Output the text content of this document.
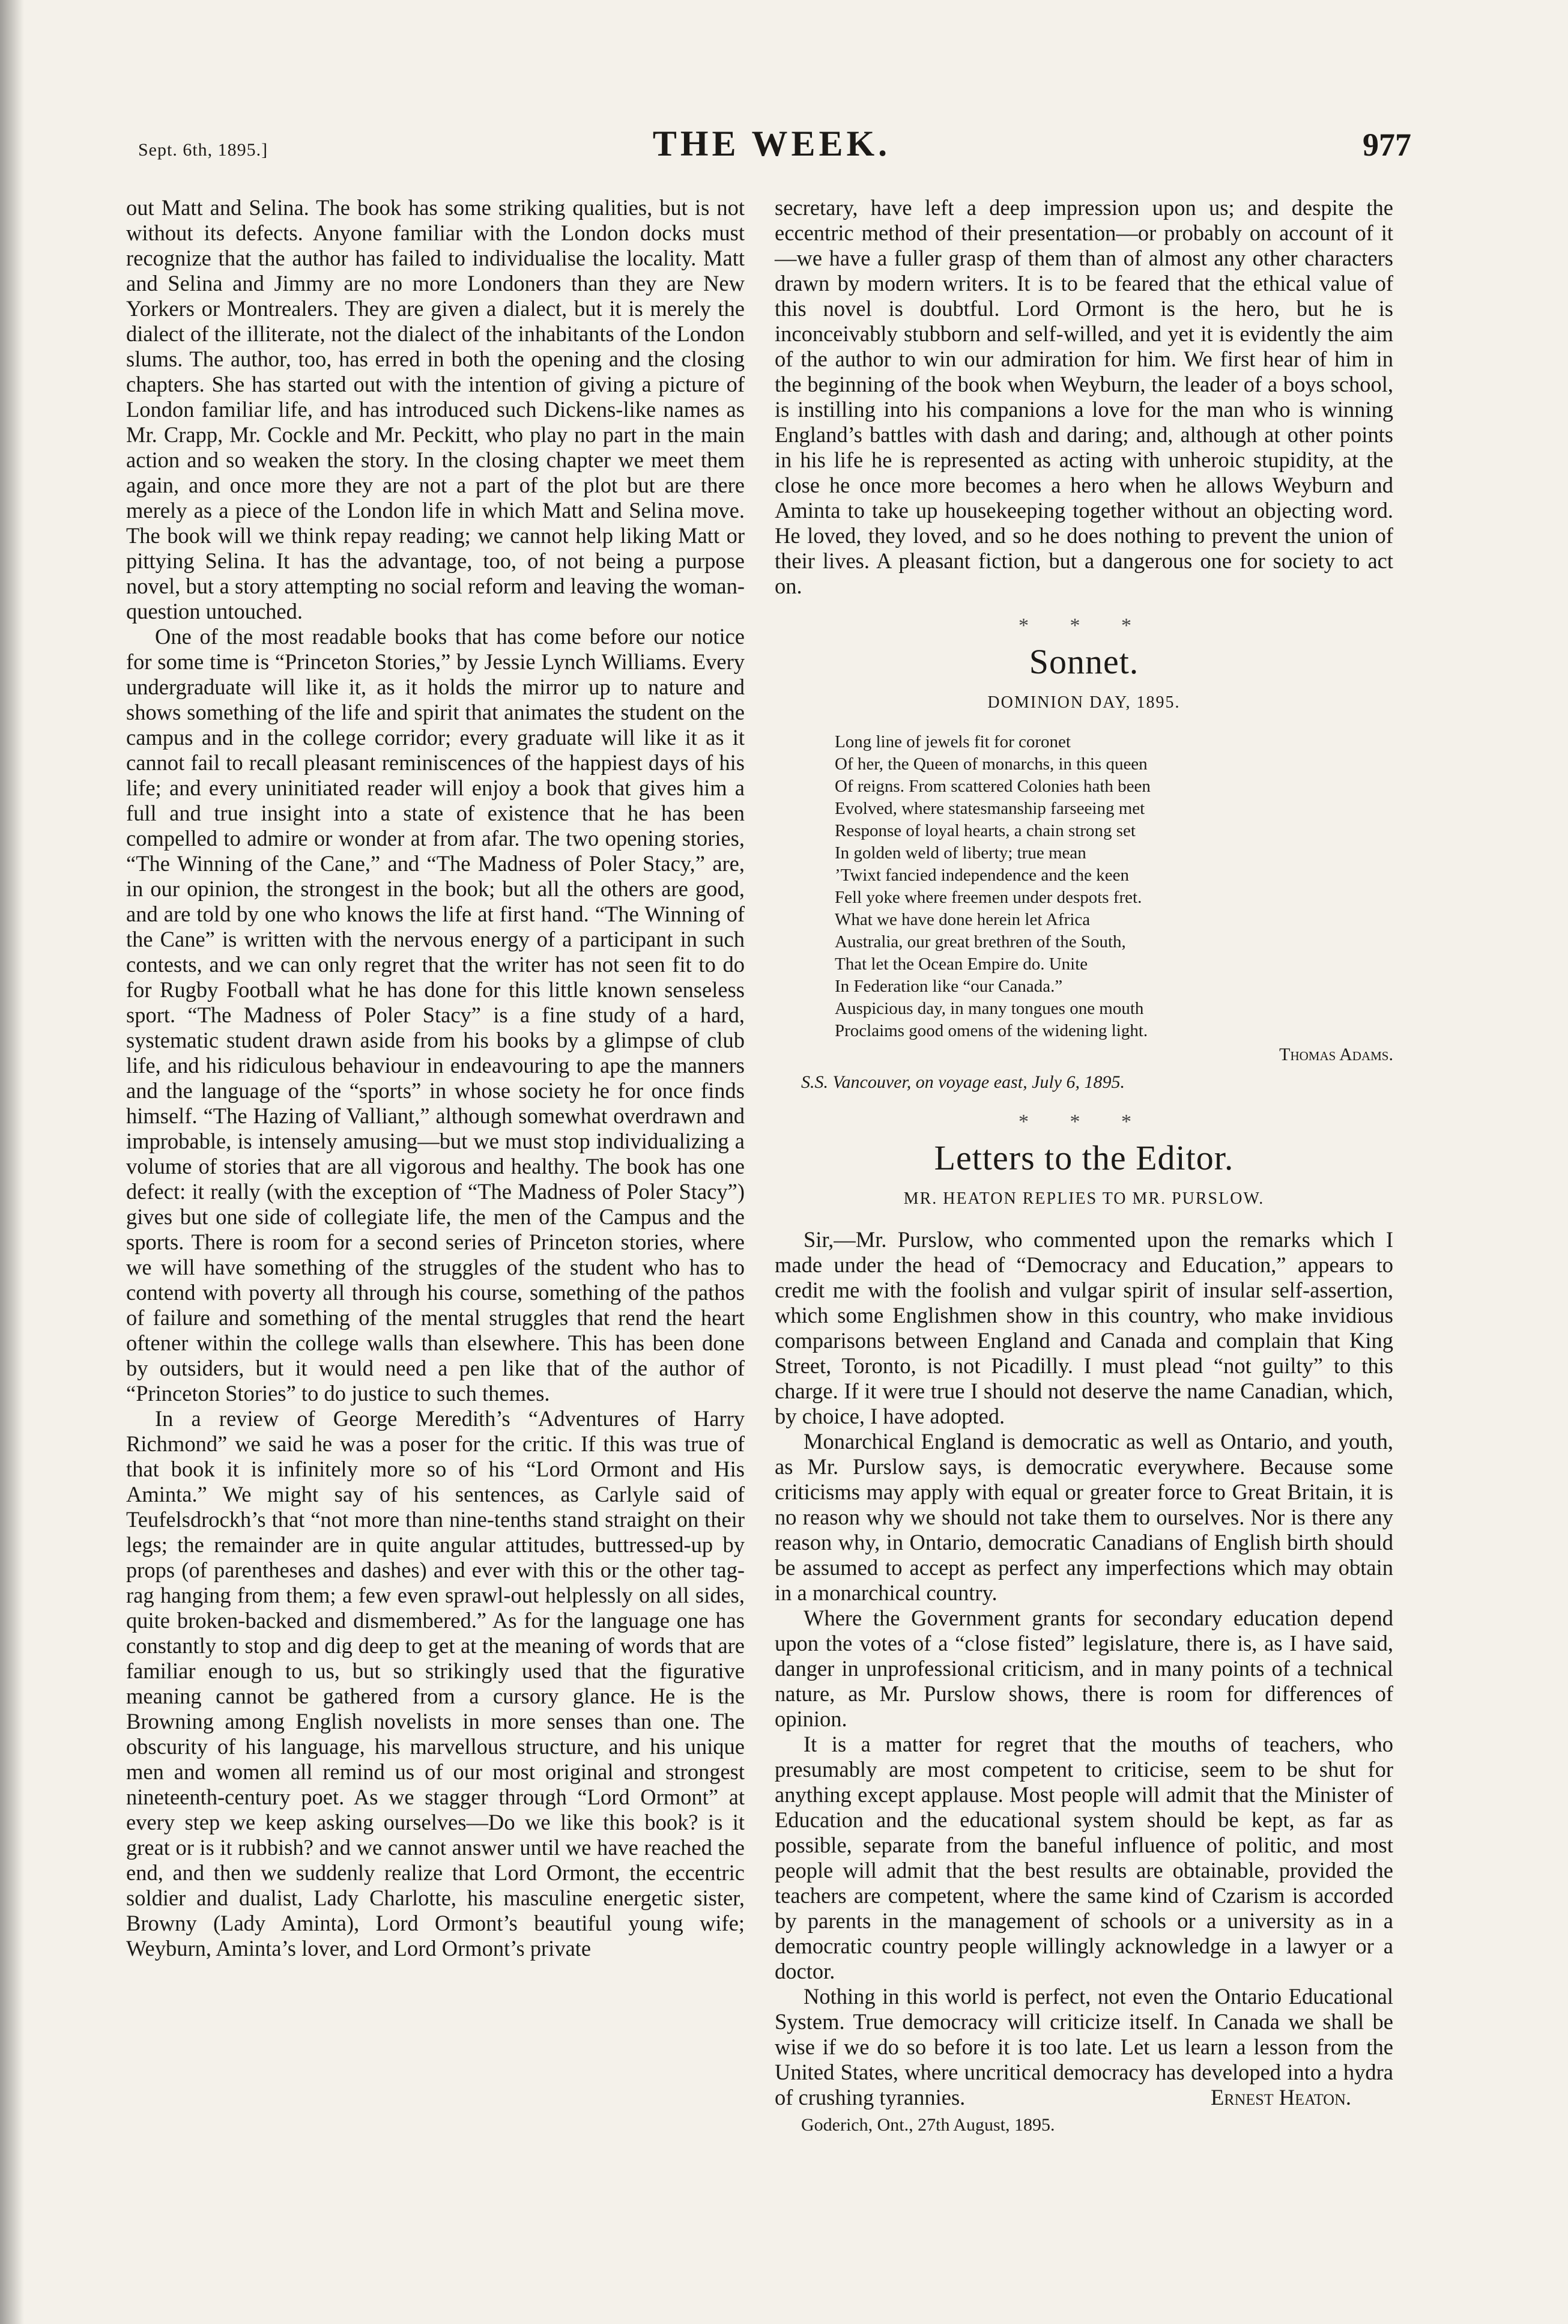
Sept. 6th, 1895.]	THE WEEK.	977

out Matt and Selina. The book has some striking qualities, but is not without its defects. Anyone familiar with the London docks must recognize that the author has failed to individualise the locality. Matt and Selina and Jimmy are no more Londoners than they are New Yorkers or Montrealers. They are given a dialect, but it is merely the dialect of the illiterate, not the dialect of the inhabitants of the London slums. The author, too, has erred in both the opening and the closing chapters. She has started out with the intention of giving a picture of London familiar life, and has introduced such Dickens-like names as Mr. Crapp, Mr. Cockle and Mr. Peckitt, who play no part in the main action and so weaken the story. In the closing chapter we meet them again, and once more they are not a part of the plot but are there merely as a piece of the London life in which Matt and Selina move. The book will we think repay reading; we cannot help liking Matt or pittying Selina. It has the advantage, too, of not being a purpose novel, but a story attempting no social reform and leaving the woman-question untouched.

One of the most readable books that has come before our notice for some time is “Princeton Stories,” by Jessie Lynch Williams. Every undergraduate will like it, as it holds the mirror up to nature and shows something of the life and spirit that animates the student on the campus and in the college corridor; every graduate will like it as it cannot fail to recall pleasant reminiscences of the happiest days of his life; and every uninitiated reader will enjoy a book that gives him a full and true insight into a state of existence that he has been compelled to admire or wonder at from afar. The two opening stories, “The Winning of the Cane,” and “The Madness of Poler Stacy,” are, in our opinion, the strongest in the book; but all the others are good, and are told by one who knows the life at first hand. “The Winning of the Cane” is written with the nervous energy of a participant in such contests, and we can only regret that the writer has not seen fit to do for Rugby Football what he has done for this little known senseless sport. “The Madness of Poler Stacy” is a fine study of a hard, systematic student drawn aside from his books by a glimpse of club life, and his ridiculous behaviour in endeavouring to ape the manners and the language of the “sports” in whose society he for once finds himself. “The Hazing of Valliant,” although somewhat overdrawn and improbable, is intensely amusing—but we must stop individualizing a volume of stories that are all vigorous and healthy. The book has one defect: it really (with the exception of “The Madness of Poler Stacy”) gives but one side of collegiate life, the men of the Campus and the sports. There is room for a second series of Princeton stories, where we will have something of the struggles of the student who has to contend with poverty all through his course, something of the pathos of failure and something of the mental struggles that rend the heart oftener within the college walls than elsewhere. This has been done by outsiders, but it would need a pen like that of the author of “Princeton Stories” to do justice to such themes.

In a review of George Meredith’s “Adventures of Harry Richmond” we said he was a poser for the critic. If this was true of that book it is infinitely more so of his “Lord Ormont and His Aminta.” We might say of his sentences, as Carlyle said of Teufelsdrockh’s that “not more than nine-tenths stand straight on their legs; the remainder are in quite angular attitudes, buttressed-up by props (of parentheses and dashes) and ever with this or the other tag-rag hanging from them; a few even sprawl-out helplessly on all sides, quite broken-backed and dismembered.” As for the language one has constantly to stop and dig deep to get at the meaning of words that are familiar enough to us, but so strikingly used that the figurative meaning cannot be gathered from a cursory glance. He is the Browning among English novelists in more senses than one. The obscurity of his language, his marvellous structure, and his unique men and women all remind us of our most original and strongest nineteenth-century poet. As we stagger through “Lord Ormont” at every step we keep asking ourselves—Do we like this book? is it great or is it rubbish? and we cannot answer until we have reached the end, and then we suddenly realize that Lord Ormont, the eccentric soldier and dualist, Lady Charlotte, his masculine energetic sister, Browny (Lady Aminta), Lord Ormont’s beautiful young wife; Weyburn, Aminta’s lover, and Lord Ormont’s private

secretary, have left a deep impression upon us; and despite the eccentric method of their presentation—or probably on account of it—we have a fuller grasp of them than of almost any other characters drawn by modern writers. It is to be feared that the ethical value of this novel is doubtful. Lord Ormont is the hero, but he is inconceivably stubborn and self-willed, and yet it is evidently the aim of the author to win our admiration for him. We first hear of him in the beginning of the book when Weyburn, the leader of a boys school, is instilling into his companions a love for the man who is winning England’s battles with dash and daring; and, although at other points in his life he is represented as acting with unheroic stupidity, at the close he once more becomes a hero when he allows Weyburn and Aminta to take up housekeeping together without an objecting word. He loved, they loved, and so he does nothing to prevent the union of their lives. A pleasant fiction, but a dangerous one for society to act on.

* * *
Sonnet.
DOMINION DAY, 1895.
Long line of jewels fit for coronet
Of her, the Queen of monarchs, in this queen
Of reigns. From scattered Colonies hath been
Evolved, where statesmanship farseeing met
Response of loyal hearts, a chain strong set
In golden weld of liberty; true mean
’Twixt fancied independence and the keen
Fell yoke where freemen under despots fret.
What we have done herein let Africa
Australia, our great brethren of the South,
That let the Ocean Empire do. Unite
In Federation like “our Canada.”
Auspicious day, in many tongues one mouth
Proclaims good omens of the widening light.
Thomas Adams.
S.S. Vancouver, on voyage east, July 6, 1895.
* * *
Letters to the Editor.
MR. HEATON REPLIES TO MR. PURSLOW.

Sir,—Mr. Purslow, who commented upon the remarks which I made under the head of “Democracy and Education,” appears to credit me with the foolish and vulgar spirit of insular self-assertion, which some Englishmen show in this country, who make invidious comparisons between England and Canada and complain that King Street, Toronto, is not Picadilly. I must plead “not guilty” to this charge. If it were true I should not deserve the name Canadian, which, by choice, I have adopted.

Monarchical England is democratic as well as Ontario, and youth, as Mr. Purslow says, is democratic everywhere. Because some criticisms may apply with equal or greater force to Great Britain, it is no reason why we should not take them to ourselves. Nor is there any reason why, in Ontario, democratic Canadians of English birth should be assumed to accept as perfect any imperfections which may obtain in a monarchical country.

Where the Government grants for secondary education depend upon the votes of a “close fisted” legislature, there is, as I have said, danger in unprofessional criticism, and in many points of a technical nature, as Mr. Purslow shows, there is room for differences of opinion.

It is a matter for regret that the mouths of teachers, who presumably are most competent to criticise, seem to be shut for anything except applause. Most people will admit that the Minister of Education and the educational system should be kept, as far as possible, separate from the baneful influence of politic, and most people will admit that the best results are obtainable, provided the teachers are competent, where the same kind of Czarism is accorded by parents in the management of schools or a university as in a democratic country people willingly acknowledge in a lawyer or a doctor.

Nothing in this world is perfect, not even the Ontario Educational System. True democracy will criticize itself. In Canada we shall be wise if we do so before it is too late. Let us learn a lesson from the United States, where uncritical democracy has developed into a hydra of crushing tyrannies.	Ernest Heaton.
Goderich, Ont., 27th August, 1895.
